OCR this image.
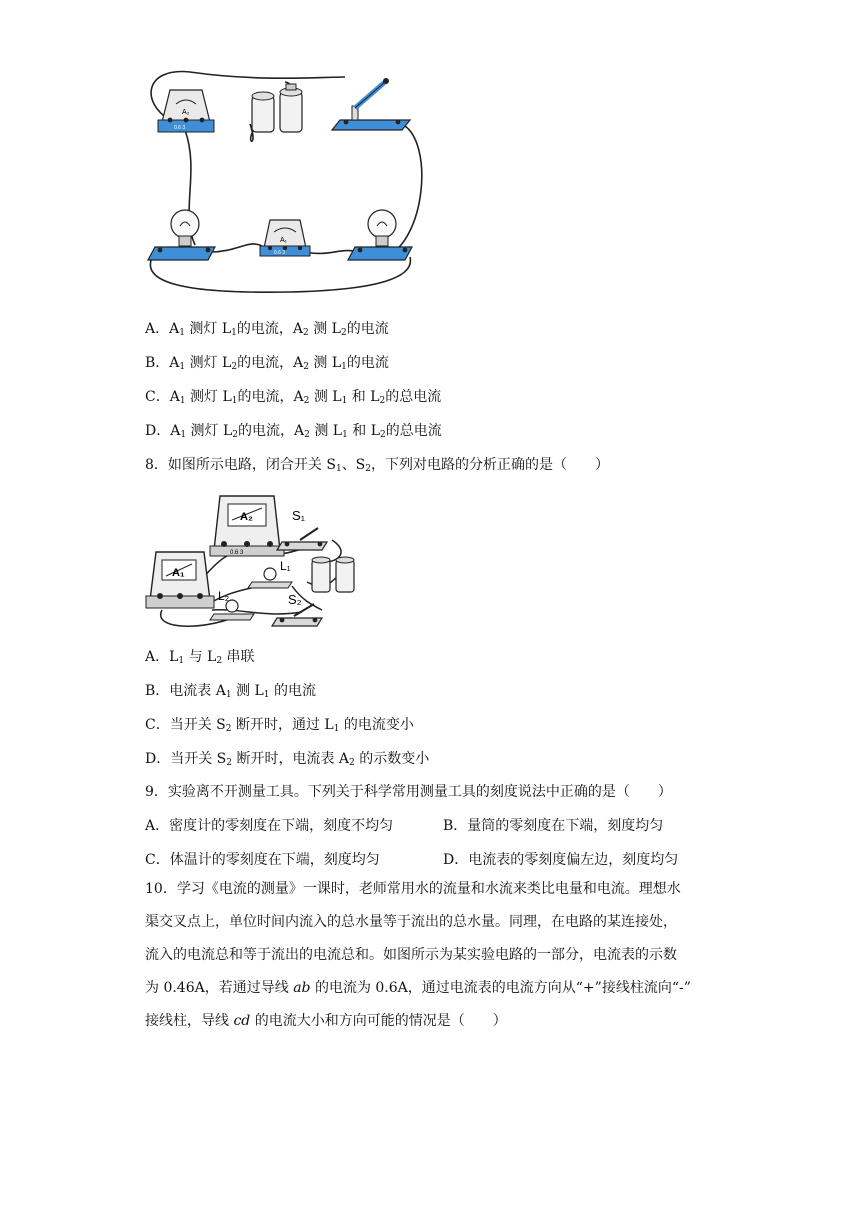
A₂
0.6 3
A₁
0.6 3
A．$A_1$ 测灯 $L_1$的电流，$A_2$ 测 $L_2$的电流
B．$A_1$ 测灯 $L_2$的电流，$A_2$ 测 $L_1$的电流
C．$A_1$ 测灯 $L_1$的电流，$A_2$ 测 $L_1$ 和 $L_2$的总电流
D．$A_1$ 测灯 $L_2$的电流，$A_2$ 测 $L_1$ 和 $L_2$的总电流
8．如图所示电路，闭合开关 $S_1$、$S_2$，下列对电路的分析正确的是（　　）
A₂
0.6 3
A₁
S₁
L₁
L₂	S₂
A．$L_1$ 与 $L_2$ 串联
B．电流表 $A_1$ 测 $L_1$ 的电流
C．当开关 $S_2$ 断开时，通过 $L_1$ 的电流变小
D．当开关 $S_2$ 断开时，电流表 $A_2$ 的示数变小
9．实验离不开测量工具。下列关于科学常用测量工具的刻度说法中正确的是（　　）
A．密度计的零刻度在下端，刻度不均匀	B．量筒的零刻度在下端，刻度均匀
C．体温计的零刻度在下端，刻度均匀	D．电流表的零刻度偏左边，刻度均匀

10．学习《电流的测量》一课时，老师常用水的流量和水流来类比电量和电流。理想水

渠交叉点上，单位时间内流入的总水量等于流出的总水量。同理，在电路的某连接处，

流入的电流总和等于流出的电流总和。如图所示为某实验电路的一部分，电流表的示数

为 0.46A，若通过导线 ab 的电流为 0.6A，通过电流表的电流方向从“+”接线柱流向“-”

接线柱，导线 cd 的电流大小和方向可能的情况是（　　）
